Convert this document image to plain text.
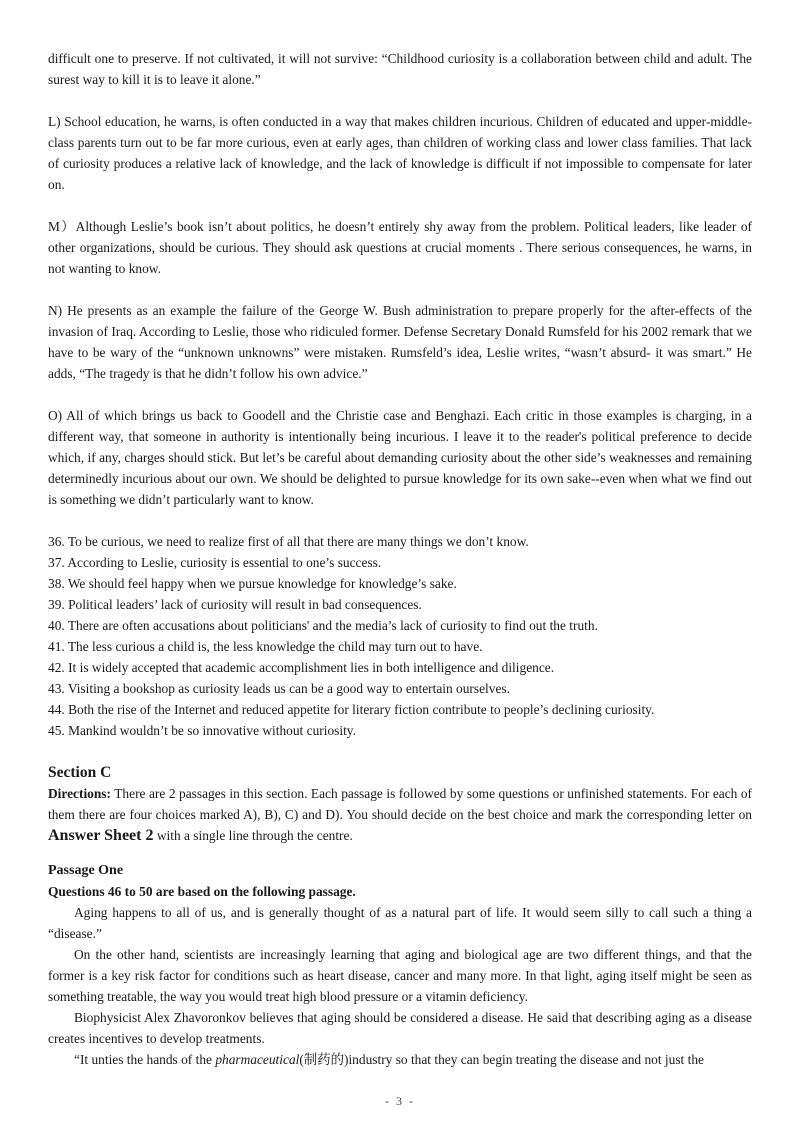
difficult one to preserve. If not cultivated, it will not survive: “Childhood curiosity is a collaboration between child and adult. The surest way to kill it is to leave it alone.”

L) School education, he warns, is often conducted in a way that makes children incurious. Children of educated and upper-middle-class parents turn out to be far more curious, even at early ages, than children of working class and lower class families. That lack of curiosity produces a relative lack of knowledge, and the lack of knowledge is difficult if not impossible to compensate for later on.

M）Although Leslie’s book isn’t about politics, he doesn’t entirely shy away from the problem. Political leaders, like leader of other organizations, should be curious. They should ask questions at crucial moments . There serious consequences, he warns, in not wanting to know.

N) He presents as an example the failure of the George W. Bush administration to prepare properly for the after-effects of the invasion of Iraq. According to Leslie, those who ridiculed former. Defense Secretary Donald Rumsfeld for his 2002 remark that we have to be wary of the “unknown unknowns” were mistaken. Rumsfeld’s idea, Leslie writes, “wasn’t absurd- it was smart.” He adds, “The tragedy is that he didn’t follow his own advice.”

O) All of which brings us back to Goodell and the Christie case and Benghazi. Each critic in those examples is charging, in a different way, that someone in authority is intentionally being incurious. I leave it to the reader's political preference to decide which, if any, charges should stick. But let’s be careful about demanding curiosity about the other side’s weaknesses and remaining determinedly incurious about our own. We should be delighted to pursue knowledge for its own sake--even when what we find out is something we didn’t particularly want to know.

36. To be curious, we need to realize first of all that there are many things we don’t know.

37. According to Leslie, curiosity is essential to one’s success.

38. We should feel happy when we pursue knowledge for knowledge’s sake.

39. Political leaders’ lack of curiosity will result in bad consequences.

40. There are often accusations about politicians' and the media’s lack of curiosity to find out the truth.

41. The less curious a child is, the less knowledge the child may turn out to have.

42. It is widely accepted that academic accomplishment lies in both intelligence and diligence.

43. Visiting a bookshop as curiosity leads us can be a good way to entertain ourselves.

44. Both the rise of the Internet and reduced appetite for literary fiction contribute to people’s declining curiosity.

45. Mankind wouldn’t be so innovative without curiosity.

Section C

Directions: There are 2 passages in this section. Each passage is followed by some questions or unfinished statements. For each of them there are four choices marked A), B), C) and D). You should decide on the best choice and mark the corresponding letter on Answer Sheet 2 with a single line through the centre.

Passage One

Questions 46 to 50 are based on the following passage.

Aging happens to all of us, and is generally thought of as a natural part of life. It would seem silly to call such a thing a “disease.”

On the other hand, scientists are increasingly learning that aging and biological age are two different things, and that the former is a key risk factor for conditions such as heart disease, cancer and many more. In that light, aging itself might be seen as something treatable, the way you would treat high blood pressure or a vitamin deficiency.

Biophysicist Alex Zhavoronkov believes that aging should be considered a disease. He said that describing aging as a disease creates incentives to develop treatments.

“It unties the hands of the pharmaceutical(制药的)industry so that they can begin treating the disease and not just the

- 3 -
